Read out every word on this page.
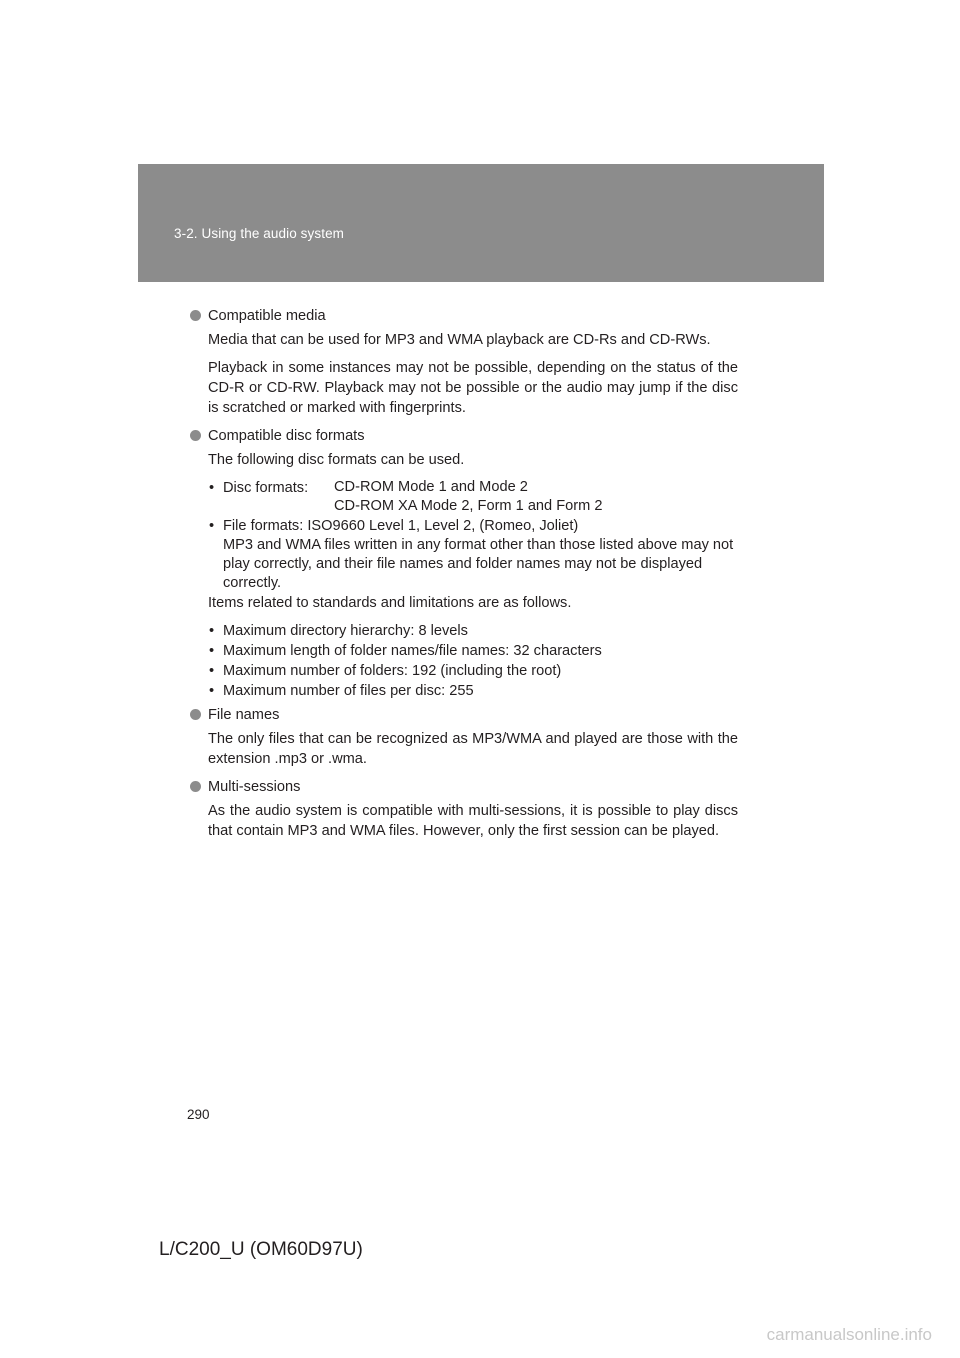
3-2. Using the audio system
Compatible media

Media that can be used for MP3 and WMA playback are CD-Rs and CD-RWs.

Playback in some instances may not be possible, depending on the status of the CD-R or CD-RW. Playback may not be possible or the audio may jump if the disc is scratched or marked with fingerprints.

Compatible disc formats

The following disc formats can be used.

• Disc formats:	CD-ROM Mode 1 and Mode 2
CD-ROM XA Mode 2, Form 1 and Form 2
• File formats: ISO9660 Level 1, Level 2, (Romeo, Joliet)
MP3 and WMA files written in any format other than those listed above may not play correctly, and their file names and folder names may not be displayed correctly.

Items related to standards and limitations are as follows.

• Maximum directory hierarchy: 8 levels
• Maximum length of folder names/file names: 32 characters
• Maximum number of folders: 192 (including the root)
• Maximum number of files per disc: 255
File names

The only files that can be recognized as MP3/WMA and played are those with the extension .mp3 or .wma.

Multi-sessions

As the audio system is compatible with multi-sessions, it is possible to play discs that contain MP3 and WMA files. However, only the first session can be played.

290
L/C200_U (OM60D97U)
carmanualsonline.info
